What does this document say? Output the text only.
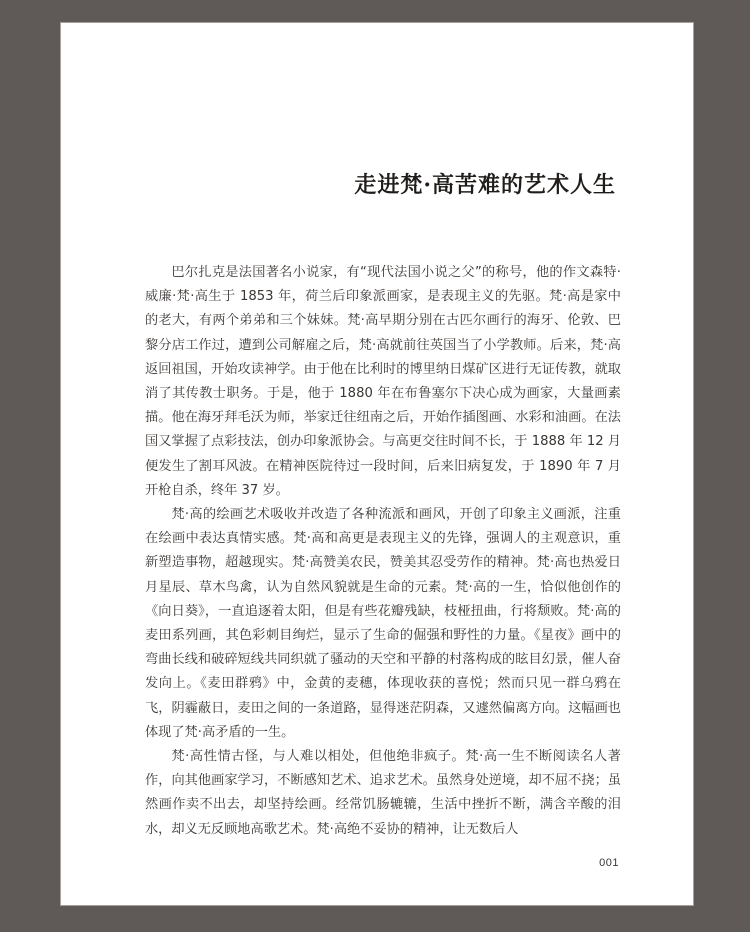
走进梵·高苦难的艺术人生

巴尔扎克是法国著名小说家，有“现代法国小说之父”的称号，他的作文森特·威廉·梵·高生于 1853 年，荷兰后印象派画家，是表现主义的先驱。梵·高是家中的老大，有两个弟弟和三个妹妹。梵·高早期分别在古匹尔画行的海牙、伦敦、巴黎分店工作过，遭到公司解雇之后，梵·高就前往英国当了小学教师。后来，梵·高返回祖国，开始攻读神学。由于他在比利时的博里纳日煤矿区进行无证传教，就取消了其传教士职务。于是，他于 1880 年在布鲁塞尔下决心成为画家，大量画素描。他在海牙拜毛沃为师，举家迁往纽南之后，开始作插图画、水彩和油画。在法国又掌握了点彩技法，创办印象派协会。与高更交往时间不长，于 1888 年 12 月便发生了割耳风波。在精神医院待过一段时间，后来旧病复发，于 1890 年 7 月开枪自杀，终年 37 岁。

梵·高的绘画艺术吸收并改造了各种流派和画风，开创了印象主义画派，注重在绘画中表达真情实感。梵·高和高更是表现主义的先锋，强调人的主观意识，重新塑造事物，超越现实。梵·高赞美农民，赞美其忍受劳作的精神。梵·高也热爱日月星辰、草木鸟禽，认为自然风貌就是生命的元素。梵·高的一生，恰似他创作的《向日葵》，一直追逐着太阳，但是有些花瓣残缺，枝桠扭曲，行将颓败。梵·高的麦田系列画，其色彩刺目绚烂，显示了生命的倔强和野性的力量。《星夜》画中的弯曲长线和破碎短线共同织就了骚动的天空和平静的村落构成的眩目幻景，催人奋发向上。《麦田群鸦》中，金黄的麦穗，体现收获的喜悦；然而只见一群乌鸦在飞，阴霾蔽日，麦田之间的一条道路，显得迷茫阴森，又遽然偏离方向。这幅画也体现了梵·高矛盾的一生。

梵·高性情古怪，与人难以相处，但他绝非疯子。梵·高一生不断阅读名人著作，向其他画家学习，不断感知艺术、追求艺术。虽然身处逆境，却不屈不挠；虽然画作卖不出去，却坚持绘画。经常饥肠辘辘，生活中挫折不断，满含辛酸的泪水，却义无反顾地高歌艺术。梵·高绝不妥协的精神，让无数后人

001
